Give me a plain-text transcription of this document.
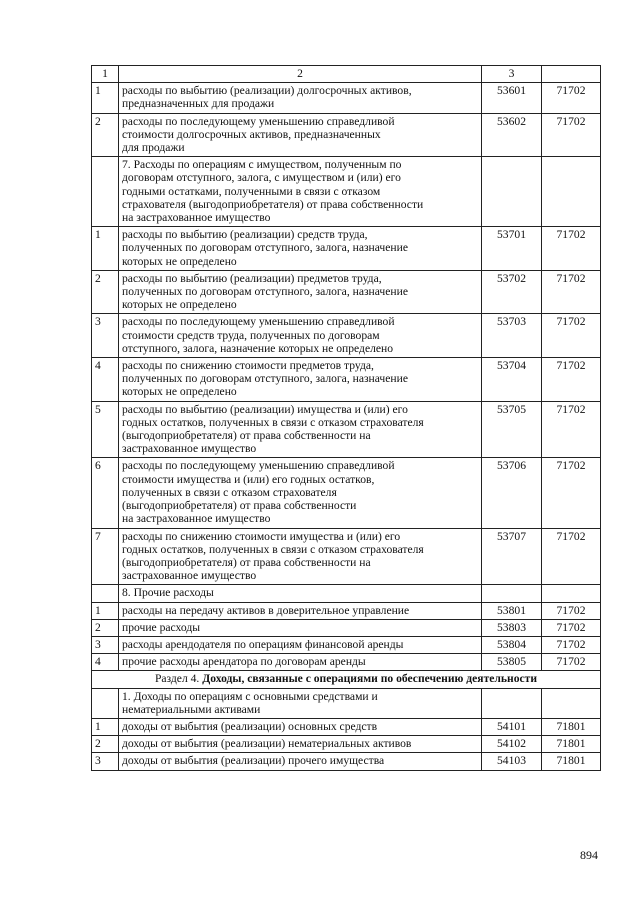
1	2	3	
1	расходы по выбытию (реализации) долгосрочных активов,
предназначенных для продажи	53601	71702
2	расходы по последующему уменьшению справедливой
стоимости долгосрочных активов, предназначенных
для продажи	53602	71702

	7. Расходы по операциям с имуществом, полученным по
договорам отступного, залога, с имуществом и (или) его
годными остатками, полученными в связи с отказом
страхователя (выгодоприобретателя) от права собственности
на застрахованное имущество		

1	расходы по выбытию (реализации) средств труда,
полученных по договорам отступного, залога, назначение
которых не определено	53701	71702
2	расходы по выбытию (реализации) предметов труда,
полученных по договорам отступного, залога, назначение
которых не определено	53702	71702
3	расходы по последующему уменьшению справедливой
стоимости средств труда, полученных по договорам
отступного, залога, назначение которых не определено	53703	71702
4	расходы по снижению стоимости предметов труда,
полученных по договорам отступного, залога, назначение
которых не определено	53704	71702
5	расходы по выбытию (реализации) имущества и (или) его
годных остатков, полученных в связи с отказом страхователя
(выгодоприобретателя) от права собственности на
застрахованное имущество	53705	71702
6	расходы по последующему уменьшению справедливой
стоимости имущества и (или) его годных остатков,
полученных в связи с отказом страхователя
(выгодоприобретателя) от права собственности
на застрахованное имущество	53706	71702
7	расходы по снижению стоимости имущества и (или) его
годных остатков, полученных в связи с отказом страхователя
(выгодоприобретателя) от права собственности на
застрахованное имущество	53707	71702

	8. Прочие расходы		

1	расходы на передачу активов в доверительное управление	53801	71702
2	прочие расходы	53803	71702
3	расходы арендодателя по операциям финансовой аренды	53804	71702
4	прочие расходы арендатора по договорам аренды	53805	71702
Раздел 4. Доходы, связанные с операциями по обеспечению деятельности			

	1. Доходы по операциям с основными средствами и
нематериальными активами		

1	доходы от выбытия (реализации) основных средств	54101	71801
2	доходы от выбытия (реализации) нематериальных активов	54102	71801
3	доходы от выбытия (реализации) прочего имущества	54103	71801
894
